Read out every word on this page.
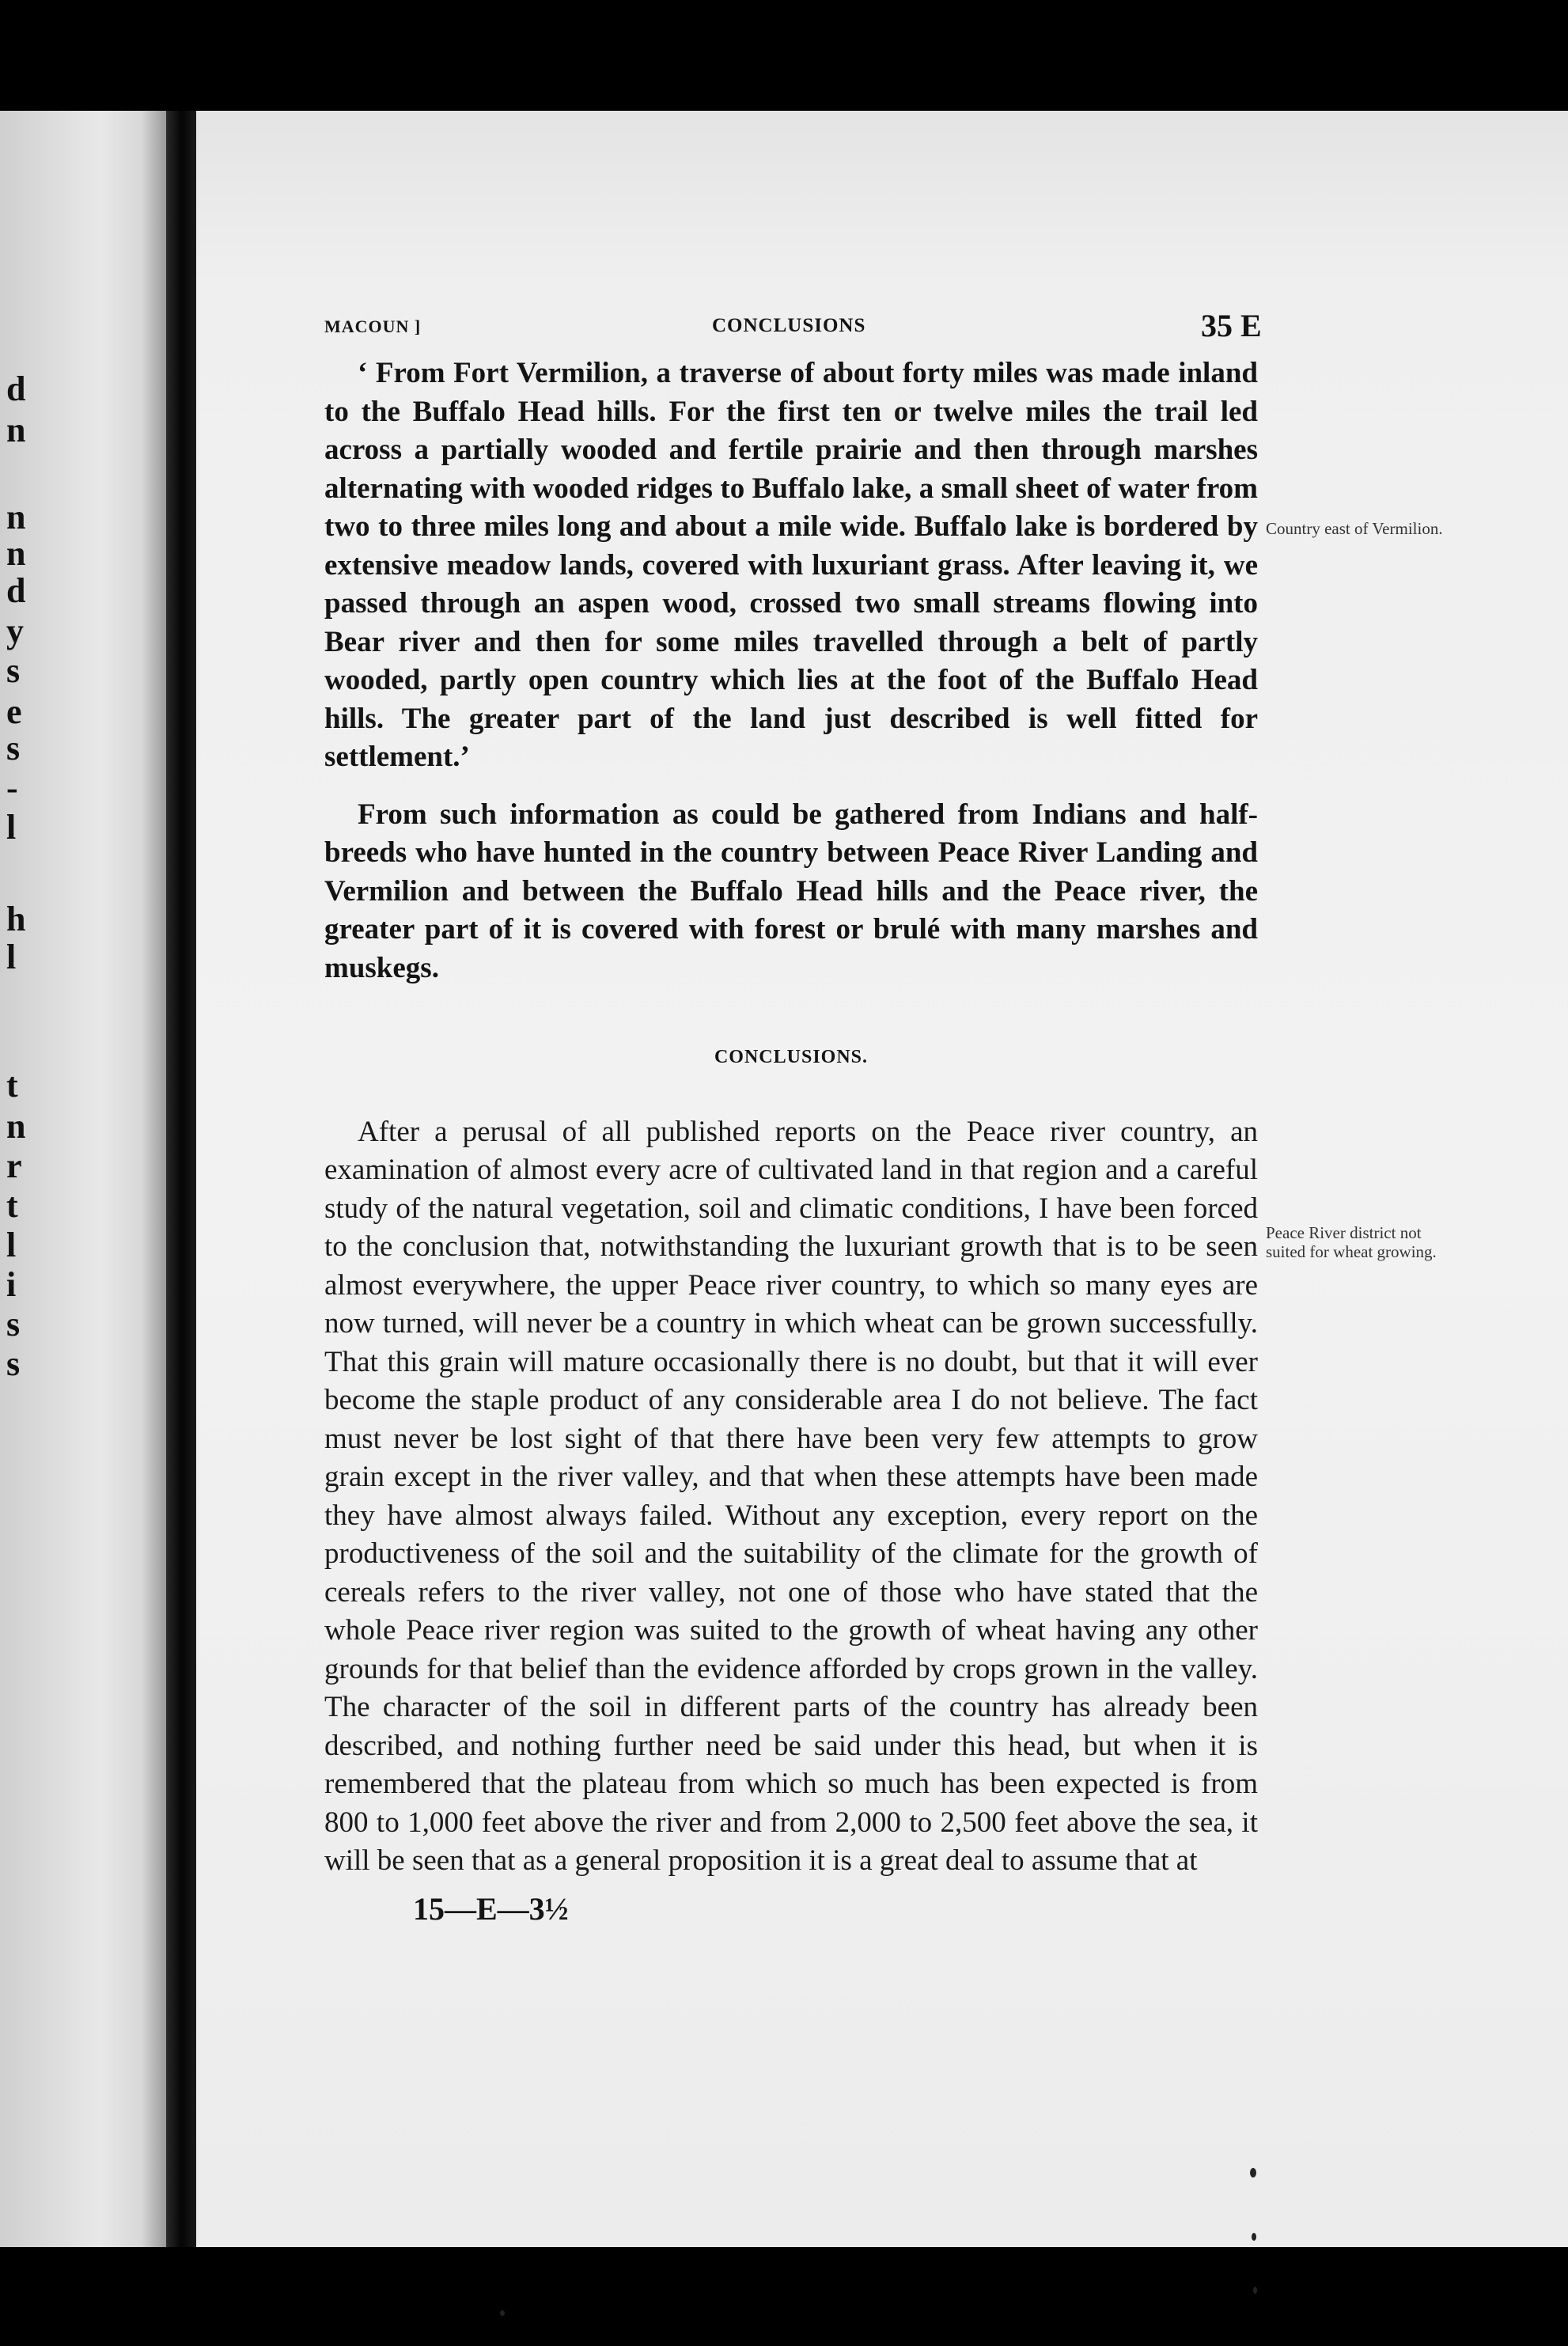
d
n
n
n
d
y
s
e
s
-
l
h
l
t
n
r
t
l
i
s
s
MACOUN ]	CONCLUSIONS	35 E

‘ From Fort Vermilion, a traverse of about forty miles was made inland to the Buffalo Head hills. For the first ten or twelve miles the trail led across a partially wooded and fertile prairie and then through marshes alternating with wooded ridges to Buffalo lake, a small sheet of water from two to three miles long and about a mile wide. Buffalo lake is bordered by extensive meadow lands, covered with luxuriant grass. After leaving it, we passed through an aspen wood, crossed two small streams flowing into Bear river and then for some miles travelled through a belt of partly wooded, partly open country which lies at the foot of the Buffalo Head hills. The greater part of the land just described is well fitted for settlement.’

From such information as could be gathered from Indians and half-breeds who have hunted in the country between Peace River Landing and Vermilion and between the Buffalo Head hills and the Peace river, the greater part of it is covered with forest or brulé with many marshes and muskegs.

CONCLUSIONS.

After a perusal of all published reports on the Peace river country, an examination of almost every acre of cultivated land in that region and a careful study of the natural vegetation, soil and climatic conditions, I have been forced to the conclusion that, notwithstanding the luxuriant growth that is to be seen almost everywhere, the upper Peace river country, to which so many eyes are now turned, will never be a country in which wheat can be grown successfully. That this grain will mature occasionally there is no doubt, but that it will ever become the staple product of any considerable area I do not believe. The fact must never be lost sight of that there have been very few attempts to grow grain except in the river valley, and that when these attempts have been made they have almost always failed. Without any exception, every report on the productiveness of the soil and the suitability of the climate for the growth of cereals refers to the river valley, not one of those who have stated that the whole Peace river region was suited to the growth of wheat having any other grounds for that belief than the evidence afforded by crops grown in the valley. The character of the soil in different parts of the country has already been described, and nothing further need be said under this head, but when it is remembered that the plateau from which so much has been expected is from 800 to 1,000 feet above the river and from 2,000 to 2,500 feet above the sea, it will be seen that as a general proposition it is a great deal to assume that at

15—E—3½
Country east of Vermilion.
Peace River district not suited for wheat growing.
